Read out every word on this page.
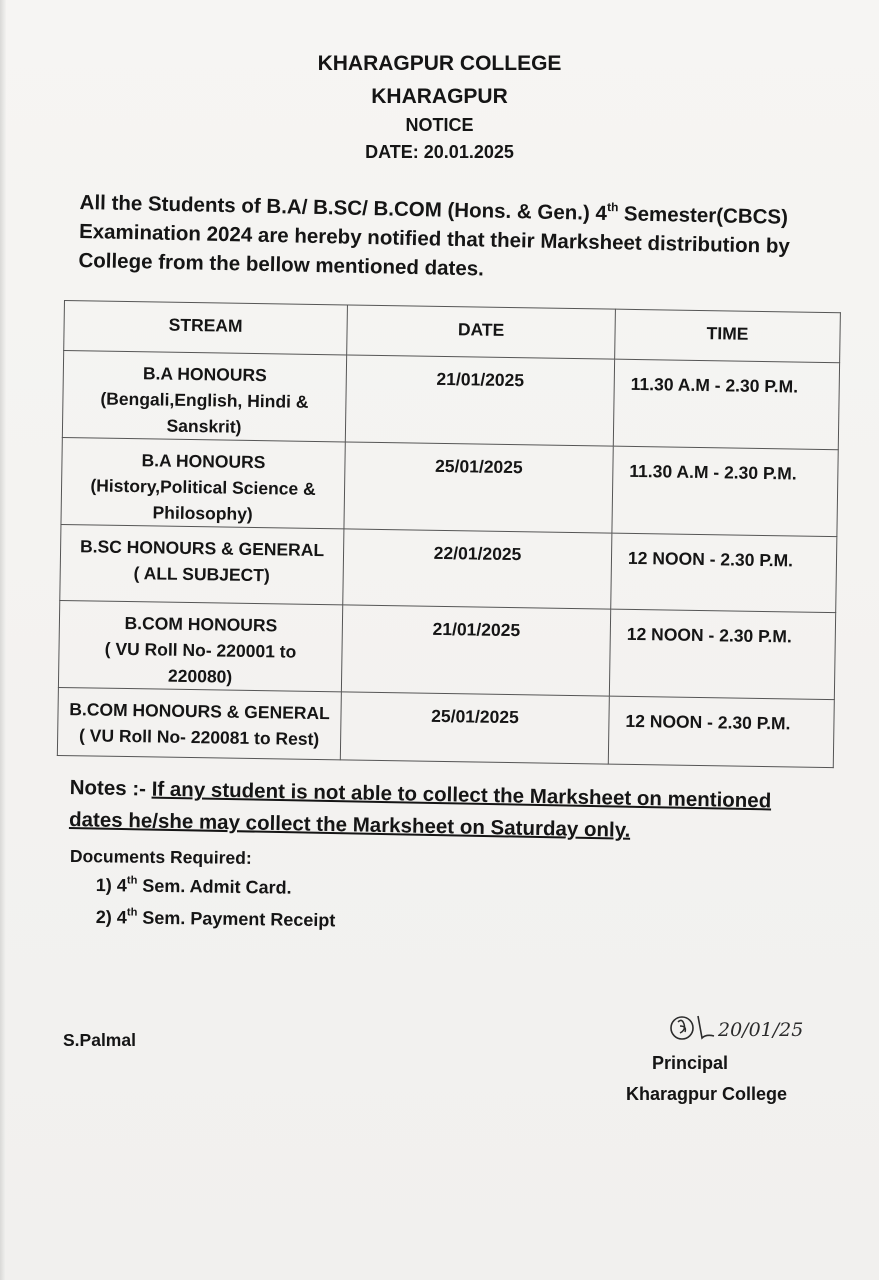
KHARAGPUR COLLEGE
KHARAGPUR
NOTICE
DATE: 20.01.2025
All the Students of B.A/ B.SC/ B.COM (Hons. & Gen.) 4th Semester(CBCS) Examination 2024 are hereby notified that their Marksheet distribution by College from the bellow mentioned dates.
STREAM	DATE	TIME

B.A HONOURS
(Bengali,English, Hindi &
Sanskrit)	21/01/2025	11.30 A.M - 2.30 P.M.

B.A HONOURS
(History,Political Science &
Philosophy)	25/01/2025	11.30 A.M - 2.30 P.M.

B.SC HONOURS & GENERAL
( ALL SUBJECT)	22/01/2025	12 NOON - 2.30 P.M.

B.COM HONOURS
( VU Roll No- 220001 to
220080)	21/01/2025	12 NOON - 2.30 P.M.

B.COM HONOURS & GENERAL
( VU Roll No- 220081 to Rest)	25/01/2025	12 NOON - 2.30 P.M.
Notes :- If any student is not able to collect the Marksheet on mentioned dates he/she may collect the Marksheet on Saturday only.
Documents Required:
1) 4th Sem. Admit Card.
2) 4th Sem. Payment Receipt
S.Palmal	20/01/25
Principal
Kharagpur College
